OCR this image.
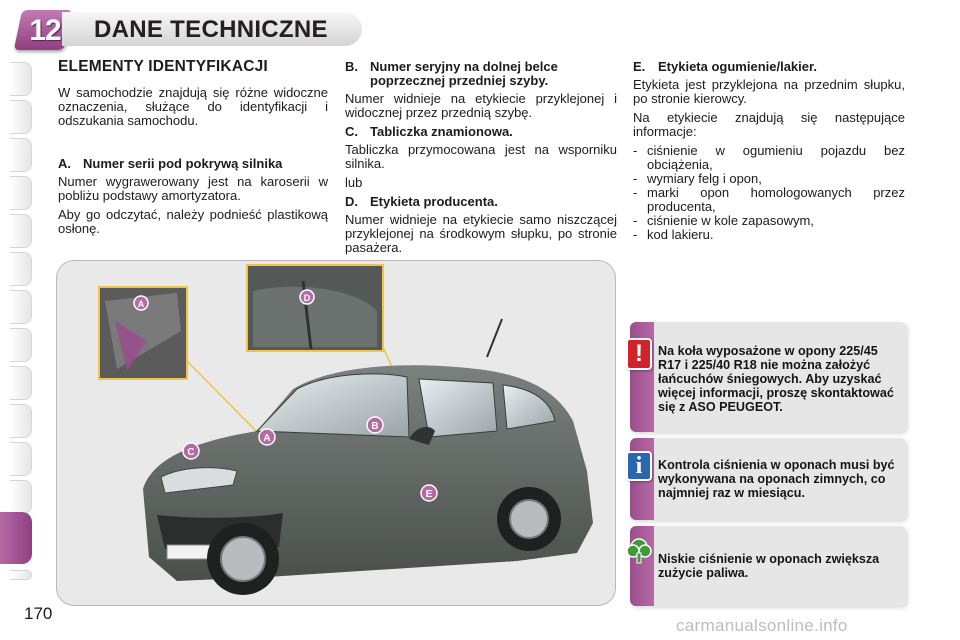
12	DANE TECHNICZNE
ELEMENTY IDENTYFIKACJI
W samochodzie znajdują się różne widoczne oznaczenia, służące do identyfikacji i odszukania samochodu.
A. Numer serii pod pokrywą silnika
Numer wygrawerowany jest na karoserii w pobliżu podstawy amortyzatora.
Aby go odczytać, należy podnieść plastikową osłonę.
B. Numer seryjny na dolnej belce poprzecznej przedniej szyby.
Numer widnieje na etykiecie przyklejonej i widocznej przez przednią szybę.
C. Tabliczka znamionowa.
Tabliczka przymocowana jest na wsporniku silnika.
lub
D. Etykieta producenta.
Numer widnieje na etykiecie samo niszczącej przyklejonej na środkowym słupku, po stronie pasażera.
E. Etykieta ogumienie/lakier.
Etykieta jest przyklejona na przednim słupku, po stronie kierowcy.
Na etykiecie znajdują się następujące informacje:
- ciśnienie w ogumieniu pojazdu bez obciążenia,
- wymiary felg i opon,
- marki opon homologowanych przez producenta,
- ciśnienie w kole zapasowym,
- kod lakieru.
A
D
A
B
C
E
Na koła wyposażone w opony 225/45 R17 i 225/40 R18 nie można założyć łańcuchów śniegowych. Aby uzyskać więcej informacji, proszę skontaktować się z ASO PEUGEOT.
!
Kontrola ciśnienia w oponach musi być wykonywana na oponach zimnych, co najmniej raz w miesiącu.
i
Niskie ciśnienie w oponach zwiększa zużycie paliwa.
170
carmanualsonline.info
